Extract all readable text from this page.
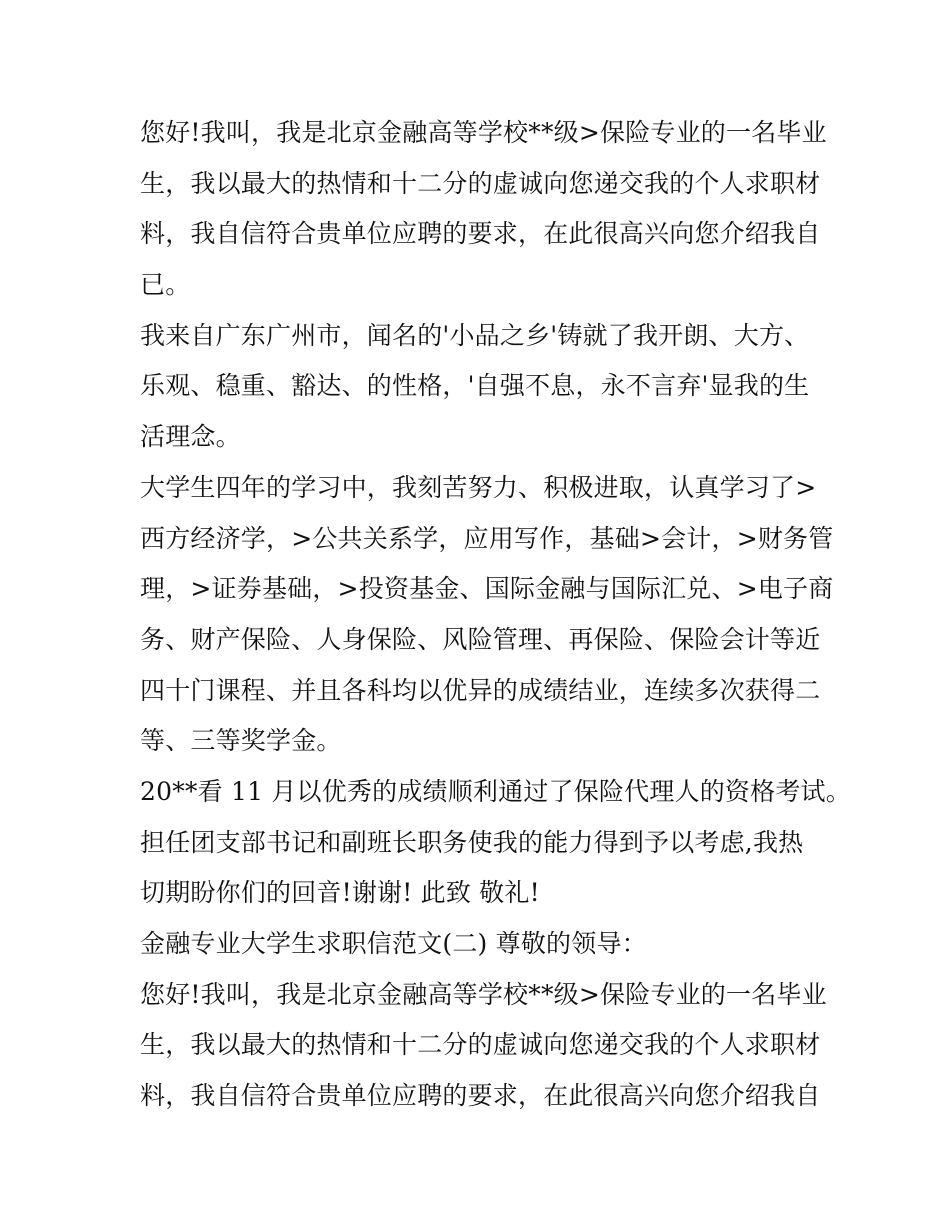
您好!我叫，我是北京金融高等学校**级>保险专业的一名毕业
生，我以最大的热情和十二分的虚诚向您递交我的个人求职材
料，我自信符合贵单位应聘的要求，在此很高兴向您介绍我自
已。
我来自广东广州市，闻名的'小品之乡'铸就了我开朗、大方、
乐观、稳重、豁达、的性格，'自强不息，永不言弃'显我的生
活理念。
大学生四年的学习中，我刻苦努力、积极进取，认真学习了>
西方经济学，>公共关系学，应用写作，基础>会计，>财务管
理，>证券基础，>投资基金、国际金融与国际汇兑、>电子商
务、财产保险、人身保险、风险管理、再保险、保险会计等近
四十门课程、并且各科均以优异的成绩结业，连续多次获得二
等、三等奖学金。
20**看 11 月以优秀的成绩顺利通过了保险代理人的资格考试。
担任团支部书记和副班长职务使我的能力得到予以考虑,我热
切期盼你们的回音!谢谢! 此致 敬礼!
金融专业大学生求职信范文(二) 尊敬的领导：
您好!我叫，我是北京金融高等学校**级>保险专业的一名毕业
生，我以最大的热情和十二分的虚诚向您递交我的个人求职材
料，我自信符合贵单位应聘的要求，在此很高兴向您介绍我自
